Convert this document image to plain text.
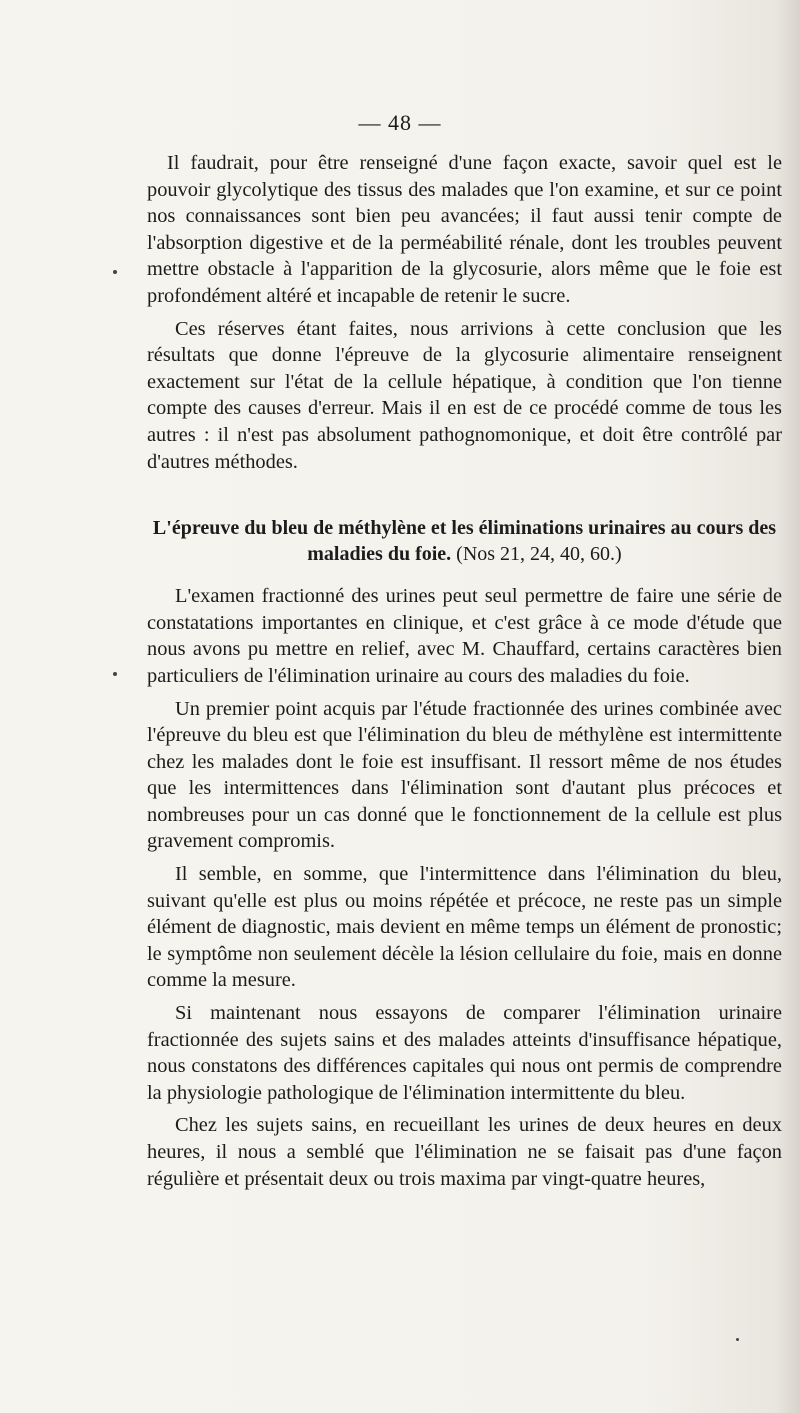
— 48 —

Il faudrait, pour être renseigné d'une façon exacte, savoir quel est le pouvoir glycolytique des tissus des malades que l'on examine, et sur ce point nos connaissances sont bien peu avancées; il faut aussi tenir compte de l'absorption digestive et de la perméabilité rénale, dont les troubles peuvent mettre obstacle à l'apparition de la glycosurie, alors même que le foie est profondément altéré et incapable de retenir le sucre.

Ces réserves étant faites, nous arrivions à cette conclusion que les résultats que donne l'épreuve de la glycosurie alimentaire renseignent exactement sur l'état de la cellule hépatique, à condition que l'on tienne compte des causes d'erreur. Mais il en est de ce procédé comme de tous les autres : il n'est pas absolument pathognomonique, et doit être contrôlé par d'autres méthodes.

L'épreuve du bleu de méthylène et les éliminations urinaires au cours des maladies du foie. (Nos 21, 24, 40, 60.)

L'examen fractionné des urines peut seul permettre de faire une série de constatations importantes en clinique, et c'est grâce à ce mode d'étude que nous avons pu mettre en relief, avec M. Chauffard, certains caractères bien particuliers de l'élimination urinaire au cours des maladies du foie.

Un premier point acquis par l'étude fractionnée des urines combinée avec l'épreuve du bleu est que l'élimination du bleu de méthylène est intermittente chez les malades dont le foie est insuffisant. Il ressort même de nos études que les intermittences dans l'élimination sont d'autant plus précoces et nombreuses pour un cas donné que le fonctionnement de la cellule est plus gravement compromis.

Il semble, en somme, que l'intermittence dans l'élimination du bleu, suivant qu'elle est plus ou moins répétée et précoce, ne reste pas un simple élément de diagnostic, mais devient en même temps un élément de pronostic; le symptôme non seulement décèle la lésion cellulaire du foie, mais en donne comme la mesure.

Si maintenant nous essayons de comparer l'élimination urinaire fractionnée des sujets sains et des malades atteints d'insuffisance hépatique, nous constatons des différences capitales qui nous ont permis de comprendre la physiologie pathologique de l'élimination intermittente du bleu.

Chez les sujets sains, en recueillant les urines de deux heures en deux heures, il nous a semblé que l'élimination ne se faisait pas d'une façon régulière et présentait deux ou trois maxima par vingt-quatre heures,
